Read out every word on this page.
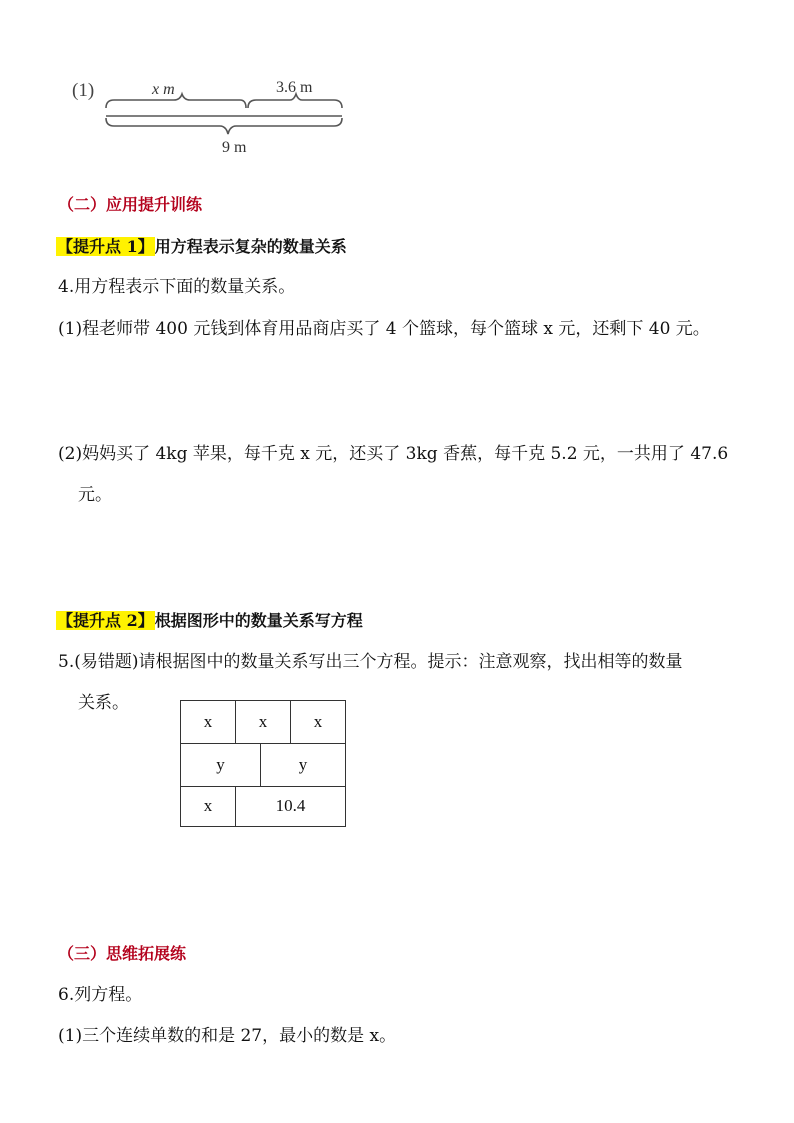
(1)	x m	3.6 m
9 m
（二）应用提升训练
【提升点 1】用方程表示复杂的数量关系
4.用方程表示下面的数量关系。
(1)程老师带 400 元钱到体育用品商店买了 4 个篮球，每个篮球 x 元，还剩下 40 元。
(2)妈妈买了 4kg 苹果，每千克 x 元，还买了 3kg 香蕉，每千克 5.2 元，一共用了 47.6
元。
【提升点 2】根据图形中的数量关系写方程
5.(易错题)请根据图中的数量关系写出三个方程。提示：注意观察，找出相等的数量
关系。
x	x	x
y	y
x	10.4
（三）思维拓展练
6.列方程。
(1)三个连续单数的和是 27，最小的数是 x。
